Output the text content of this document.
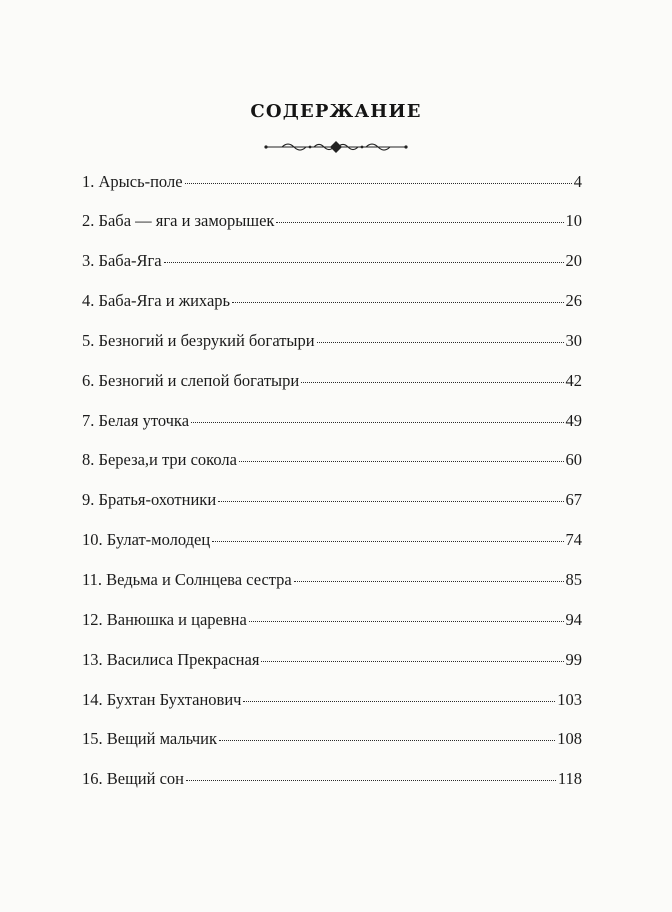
СОДЕРЖАНИЕ
1. Арысь-поле	4
2. Баба — яга и заморышек	10
3. Баба-Яга	20
4. Баба-Яга и жихарь	26
5. Безногий и безрукий богатыри	30
6. Безногий и слепой богатыри	42
7. Белая уточка	49
8. Береза,и три сокола	60
9. Братья-охотники	67
10. Булат-молодец	74
11. Ведьма и Солнцева сестра	85
12. Ванюшка и царевна	94
13. Василиса Прекрасная	99
14. Бухтан Бухтанович	103
15. Вещий мальчик	108
16. Вещий сон	118
